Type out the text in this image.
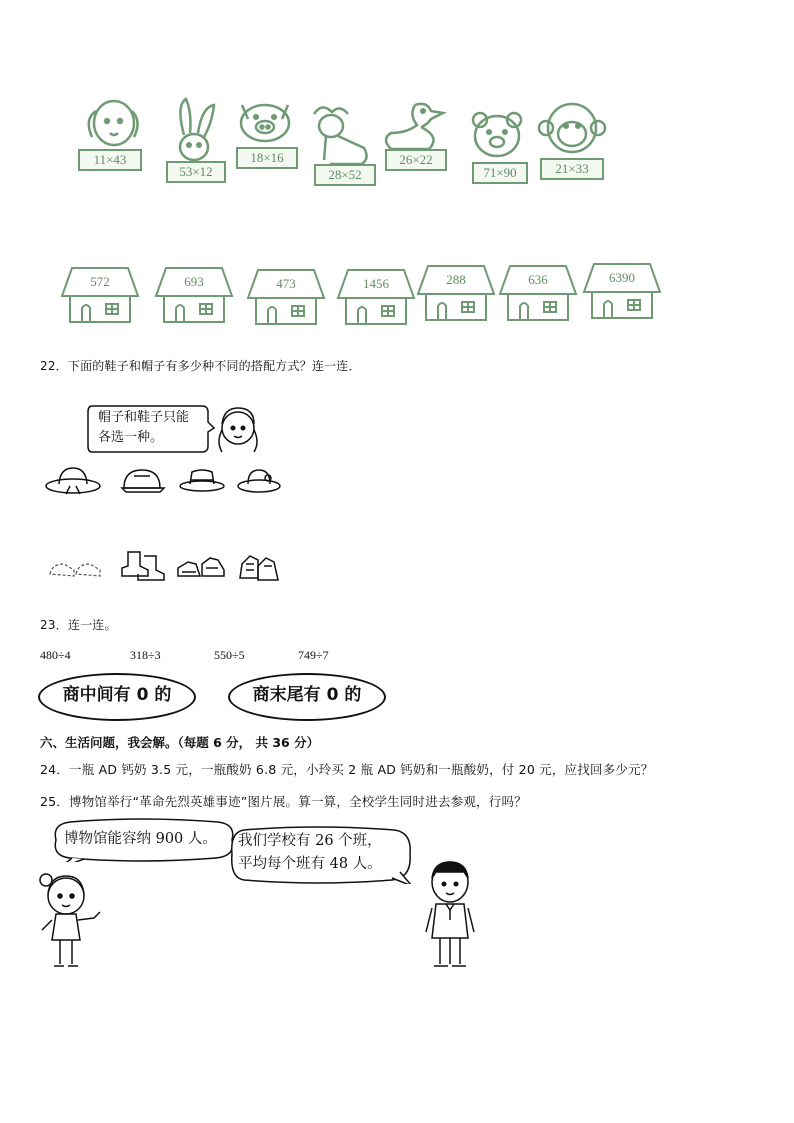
11×43
53×12
18×16
28×52
26×22
71×90	21×33
572	693	473	1456	288	636	6390
22．下面的鞋子和帽子有多少种不同的搭配方式？连一连．
帽子和鞋子只能
各选一种。
23．连一连。
480÷4	318÷3	550÷5	749÷7
商中间有 0 的	商末尾有 0 的
六、生活问题，我会解。（每题 6 分， 共 36 分）
24．一瓶 AD 钙奶 3.5 元，一瓶酸奶 6.8 元，小玲买 2 瓶 AD 钙奶和一瓶酸奶，付 20 元，应找回多少元？
25．博物馆举行“革命先烈英雄事迹”图片展。算一算，全校学生同时进去参观，行吗？
博物馆能容纳 900 人。 我们学校有 26 个班，
平均每个班有 48 人。
